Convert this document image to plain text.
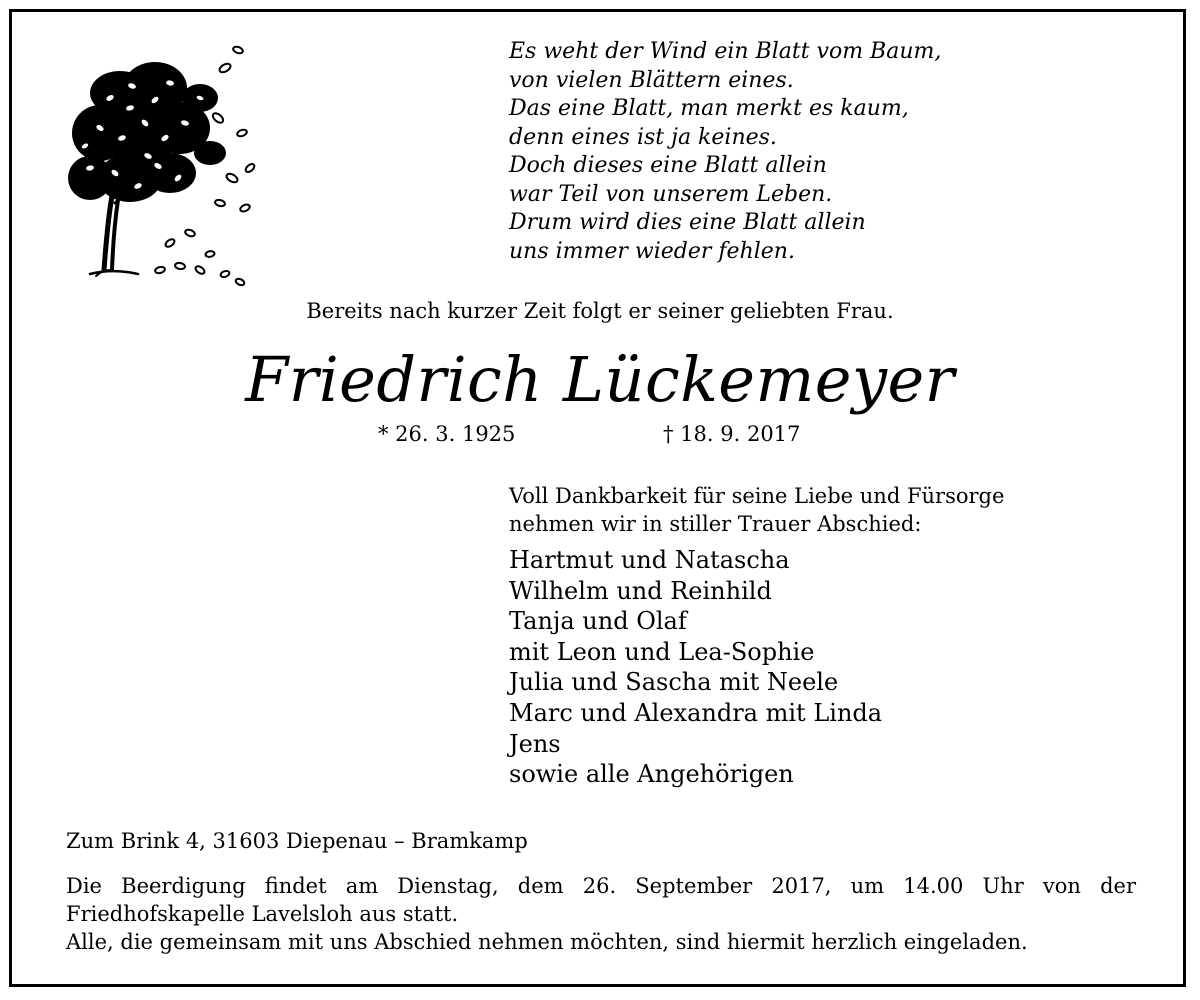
Es weht der Wind ein Blatt vom Baum,
von vielen Blättern eines.
Das eine Blatt, man merkt es kaum,
denn eines ist ja keines.
Doch dieses eine Blatt allein
war Teil von unserem Leben.
Drum wird dies eine Blatt allein
uns immer wieder fehlen.
Bereits nach kurzer Zeit folgt er seiner geliebten Frau.
Friedrich Lückemeyer
* 26. 3. 1925	† 18. 9. 2017
Voll Dankbarkeit für seine Liebe und Fürsorge
nehmen wir in stiller Trauer Abschied:
Hartmut und Natascha
Wilhelm und Reinhild
Tanja und Olaf
mit Leon und Lea-Sophie
Julia und Sascha mit Neele
Marc und Alexandra mit Linda
Jens
sowie alle Angehörigen
Zum Brink 4, 31603 Diepenau – Bramkamp
Die Beerdigung findet am Dienstag, dem 26. September 2017, um 14.00 Uhr von der
Friedhofskapelle Lavelsloh aus statt.
Alle, die gemeinsam mit uns Abschied nehmen möchten, sind hiermit herzlich eingeladen.
